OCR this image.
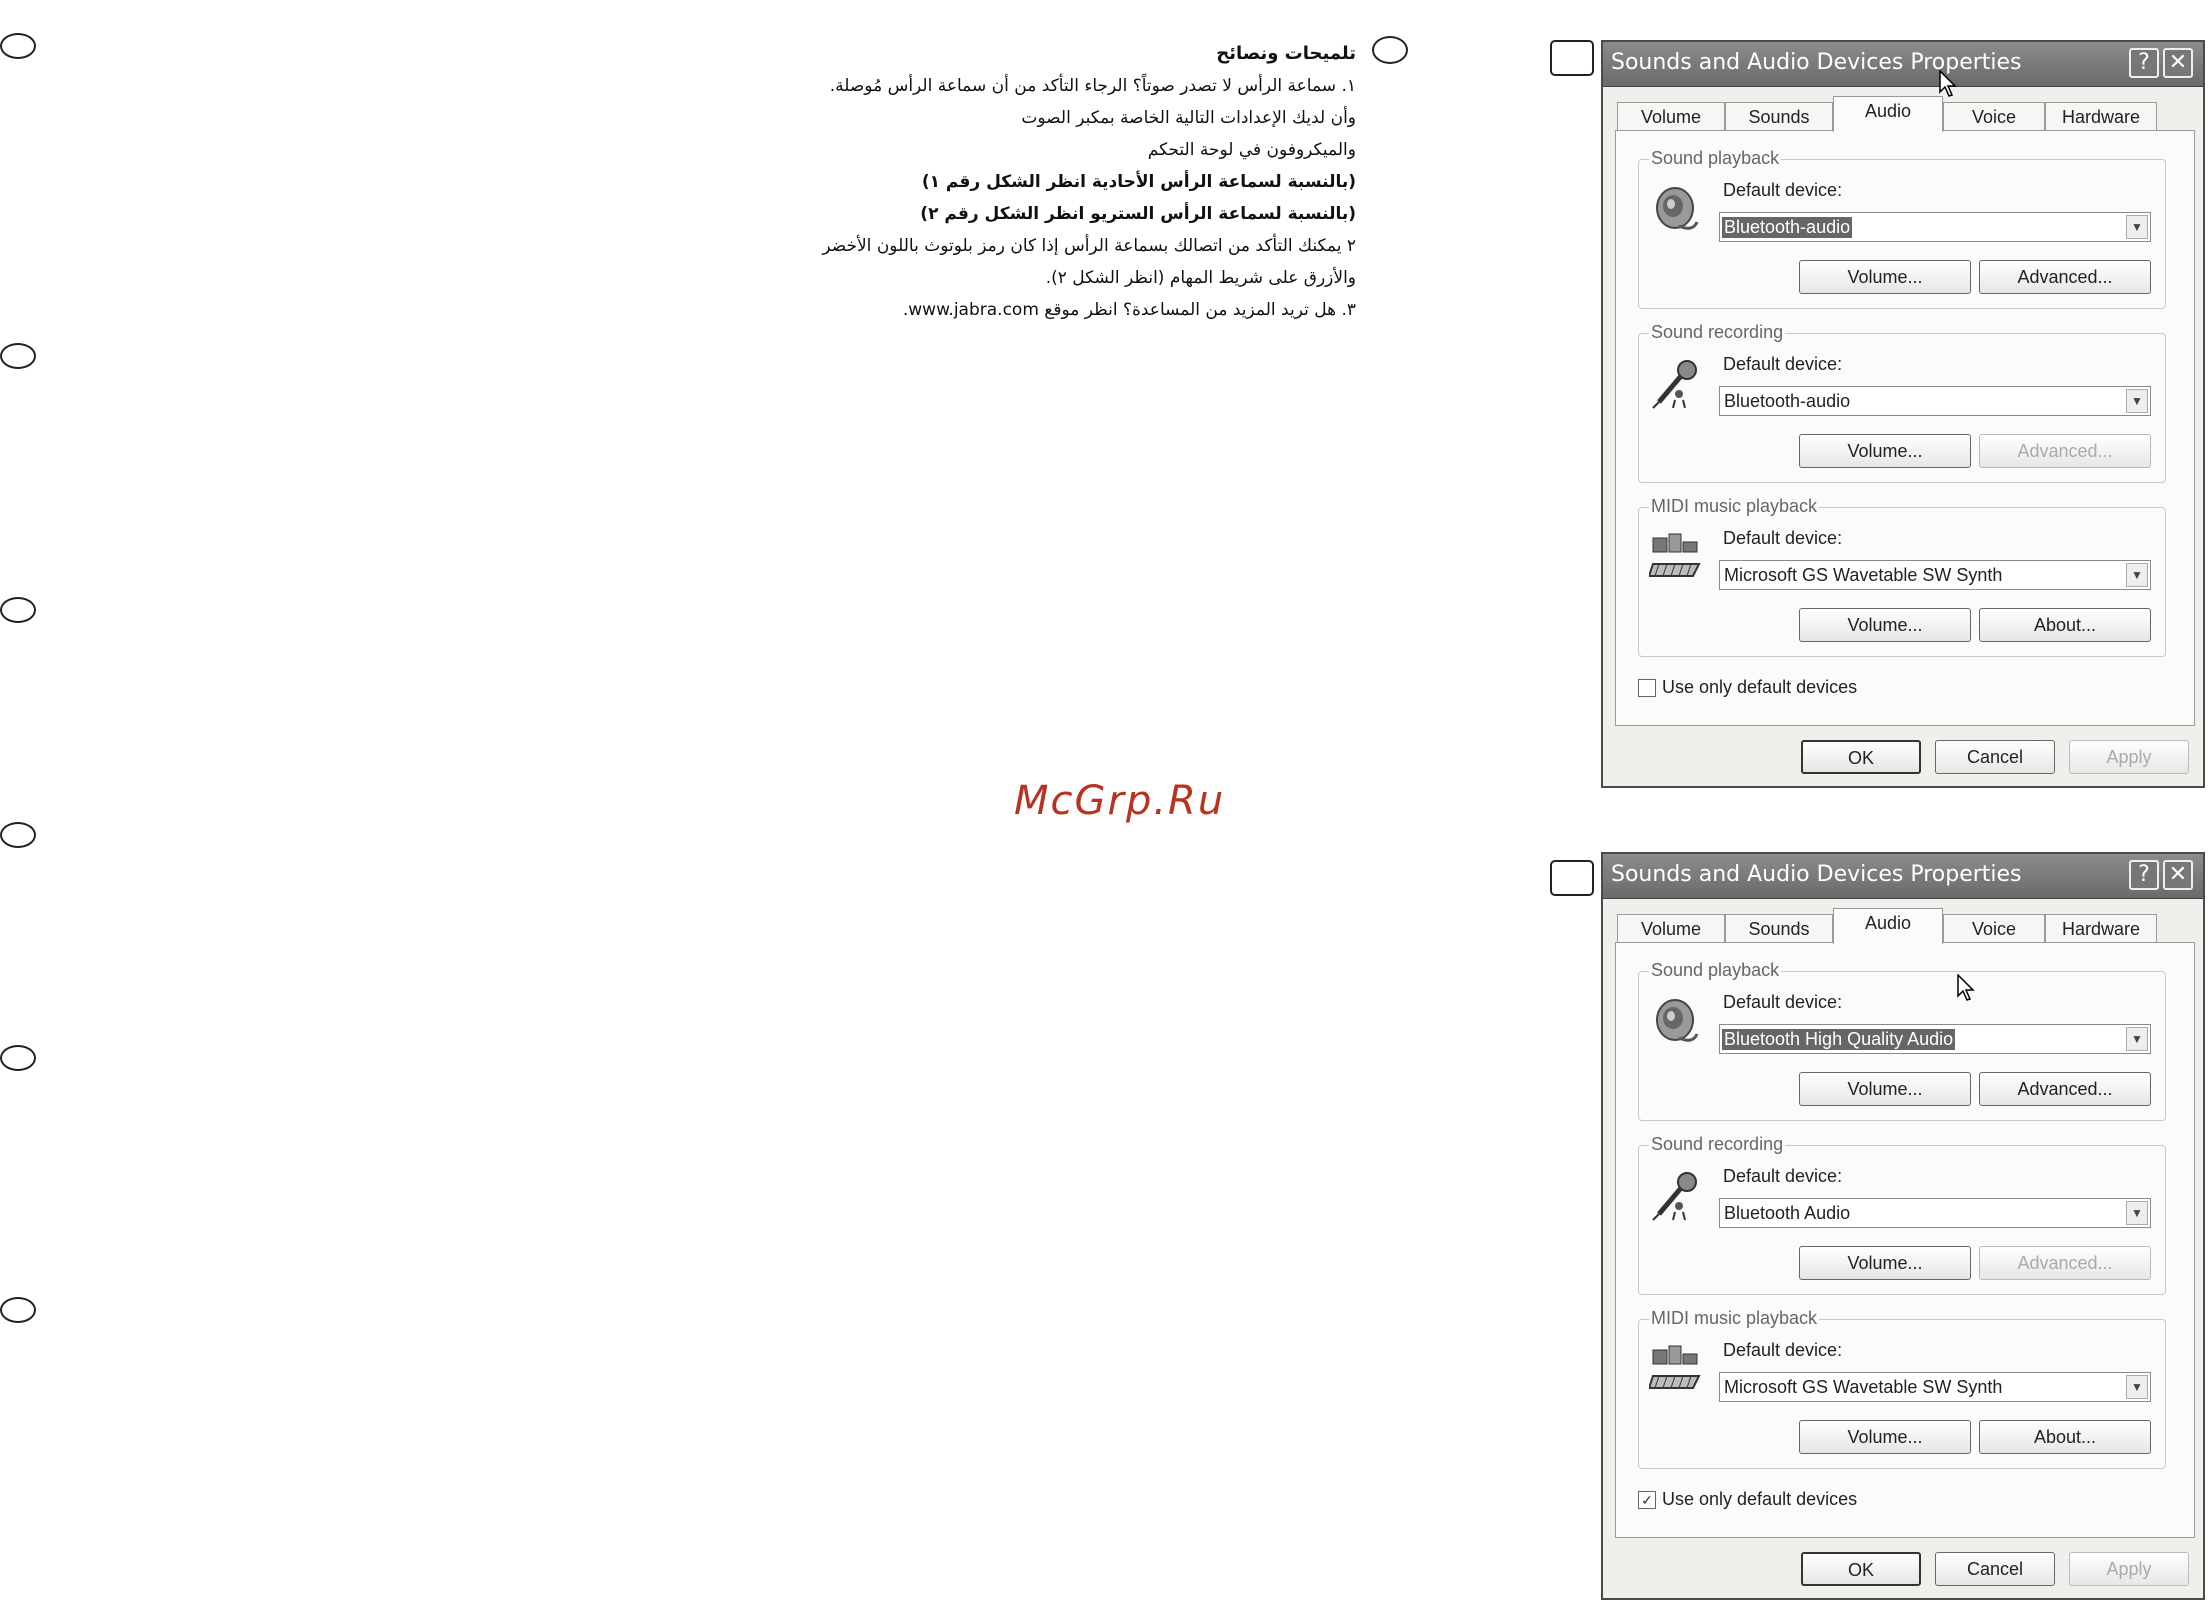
تلميحات ونصائح
١. سماعة الرأس لا تصدر صوتاً؟ الرجاء التأكد من أن سماعة الرأس مُوصلة.
وأن لديك الإعدادات التالية الخاصة بمكبر الصوت
والميكروفون في لوحة التحكم
(بالنسبة لسماعة الرأس الأحادية انظر الشكل رقم ١)
(بالنسبة لسماعة الرأس الستريو انظر الشكل رقم ٢)
٢ يمكنك التأكد من اتصالك بسماعة الرأس إذا كان رمز بلوتوث باللون الأخضر
والأزرق على شريط المهام (انظر الشكل ٢).
٣. هل تريد المزيد من المساعدة؟ انظر موقع www.jabra.com.
McGrp.Ru
Sounds and Audio Devices Properties	? ✕
Volume	Sounds	Audio	Voice	Hardware
Sound playback
Default device:
Bluetooth-audio	▼
Volume...	Advanced...
Sound recording
Default device:
Bluetooth-audio	▼
Volume...	Advanced...
MIDI music playback
Default device:
Microsoft GS Wavetable SW Synth	▼
Volume...	About...
Use only default devices
OK	Cancel	Apply
Sounds and Audio Devices Properties	? ✕
Volume	Sounds	Audio	Voice	Hardware
Sound playback
Default device:
Bluetooth High Quality Audio	▼
Volume...	Advanced...
Sound recording
Default device:
Bluetooth Audio	▼
Volume...	Advanced...
MIDI music playback
Default device:
Microsoft GS Wavetable SW Synth	▼
Volume...	About...
✓ Use only default devices
OK	Cancel	Apply
